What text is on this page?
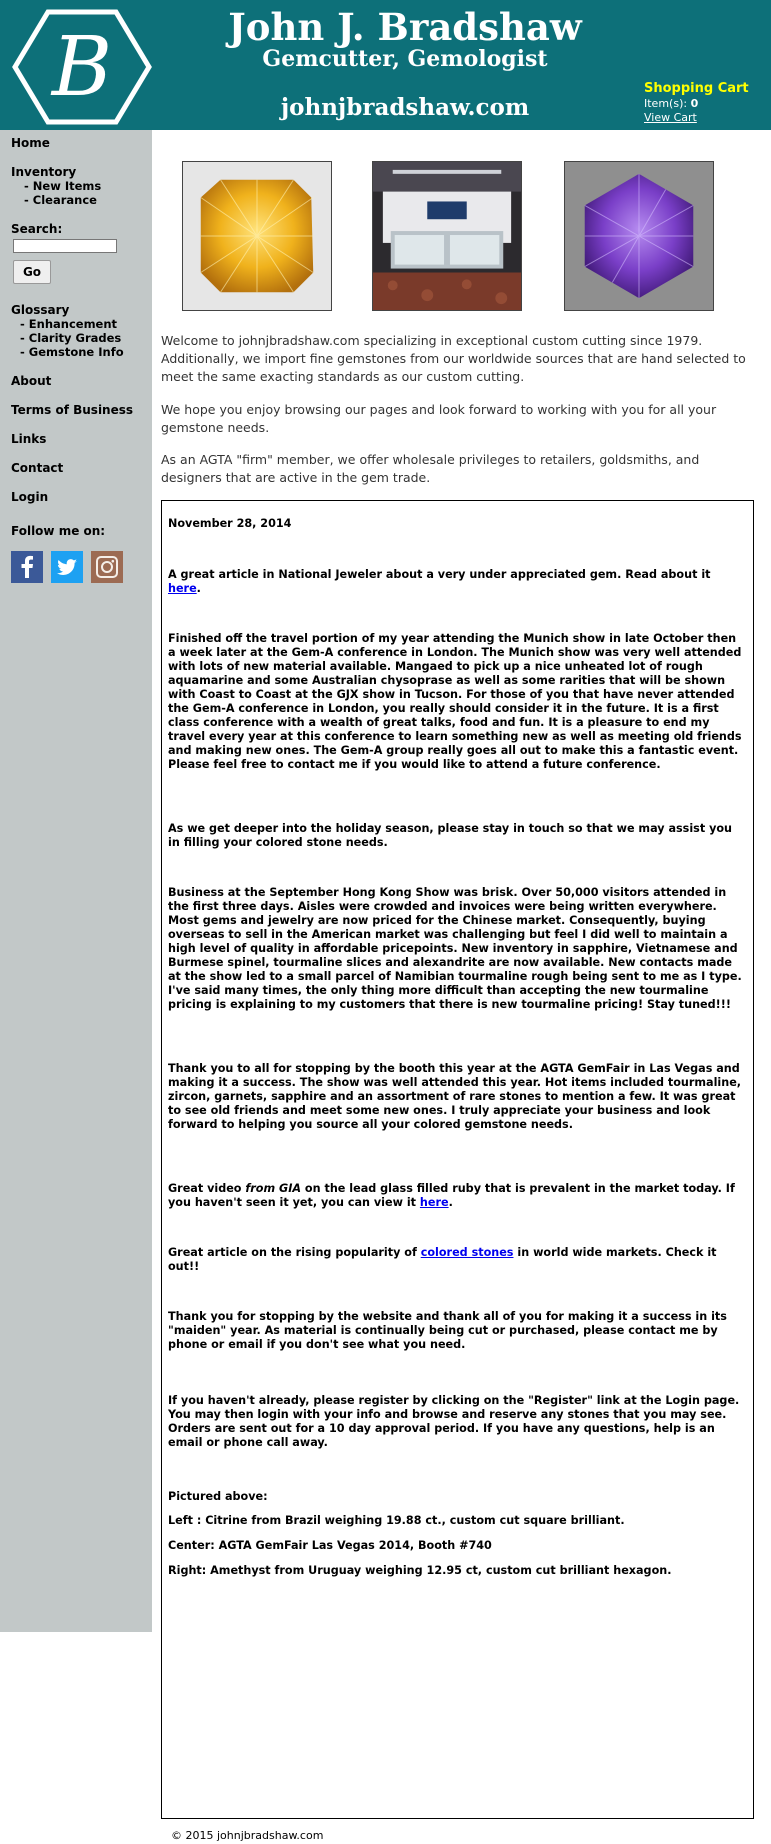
B	John J. Bradshaw
Gemcutter, Gemologist
johnjbradshaw.com
Shopping Cart
Item(s): 0
View Cart
Home
Inventory
- New Items
- Clearance
Search:
Go
Glossary
- Enhancement
- Clarity Grades
- Gemstone Info
About
Terms of Business
Links
Contact
Login
Follow me on:
Welcome to johnjbradshaw.com specializing in exceptional custom cutting since 1979. Additionally, we import fine gemstones from our worldwide sources that are hand selected to meet the same exacting standards as our custom cutting.
We hope you enjoy browsing our pages and look forward to working with you for all your gemstone needs.
As an AGTA "firm" member, we offer wholesale privileges to retailers, goldsmiths, and designers that are active in the gem trade.

November 28, 2014

A great article in National Jeweler about a very under appreciated gem. Read about it here.

Finished off the travel portion of my year attending the Munich show in late October then a week later at the Gem-A conference in London. The Munich show was very well attended with lots of new material available. Mangaed to pick up a nice unheated lot of rough aquamarine and some Australian chysoprase as well as some rarities that will be shown with Coast to Coast at the GJX show in Tucson. For those of you that have never attended the Gem-A conference in London, you really should consider it in the future. It is a first class conference with a wealth of great talks, food and fun. It is a pleasure to end my travel every year at this conference to learn something new as well as meeting old friends and making new ones. The Gem-A group really goes all out to make this a fantastic event. Please feel free to contact me if you would like to attend a future conference.

As we get deeper into the holiday season, please stay in touch so that we may assist you in filling your colored stone needs.

Business at the September Hong Kong Show was brisk. Over 50,000 visitors attended in the first three days. Aisles were crowded and invoices were being written everywhere. Most gems and jewelry are now priced for the Chinese market. Consequently, buying overseas to sell in the American market was challenging but feel I did well to maintain a high level of quality in affordable pricepoints. New inventory in sapphire, Vietnamese and Burmese spinel, tourmaline slices and alexandrite are now available. New contacts made at the show led to a small parcel of Namibian tourmaline rough being sent to me as I type. I've said many times, the only thing more difficult than accepting the new tourmaline pricing is explaining to my customers that there is new tourmaline pricing! Stay tuned!!!

Thank you to all for stopping by the booth this year at the AGTA GemFair in Las Vegas and making it a success. The show was well attended this year. Hot items included tourmaline, zircon, garnets, sapphire and an assortment of rare stones to mention a few. It was great to see old friends and meet some new ones. I truly appreciate your business and look forward to helping you source all your colored gemstone needs.

Great video from GIA on the lead glass filled ruby that is prevalent in the market today. If you haven't seen it yet, you can view it here.

Great article on the rising popularity of colored stones in world wide markets. Check it out!!

Thank you for stopping by the website and thank all of you for making it a success in its "maiden" year. As material is continually being cut or purchased, please contact me by phone or email if you don't see what you need.

If you haven't already, please register by clicking on the "Register" link at the Login page. You may then login with your info and browse and reserve any stones that you may see. Orders are sent out for a 10 day approval period. If you have any questions, help is an email or phone call away.

Pictured above:

Left : Citrine from Brazil weighing 19.88 ct., custom cut square brilliant.

Center: AGTA GemFair Las Vegas 2014, Booth #740

Right: Amethyst from Uruguay weighing 12.95 ct, custom cut brilliant hexagon.

© 2015 johnjbradshaw.com
